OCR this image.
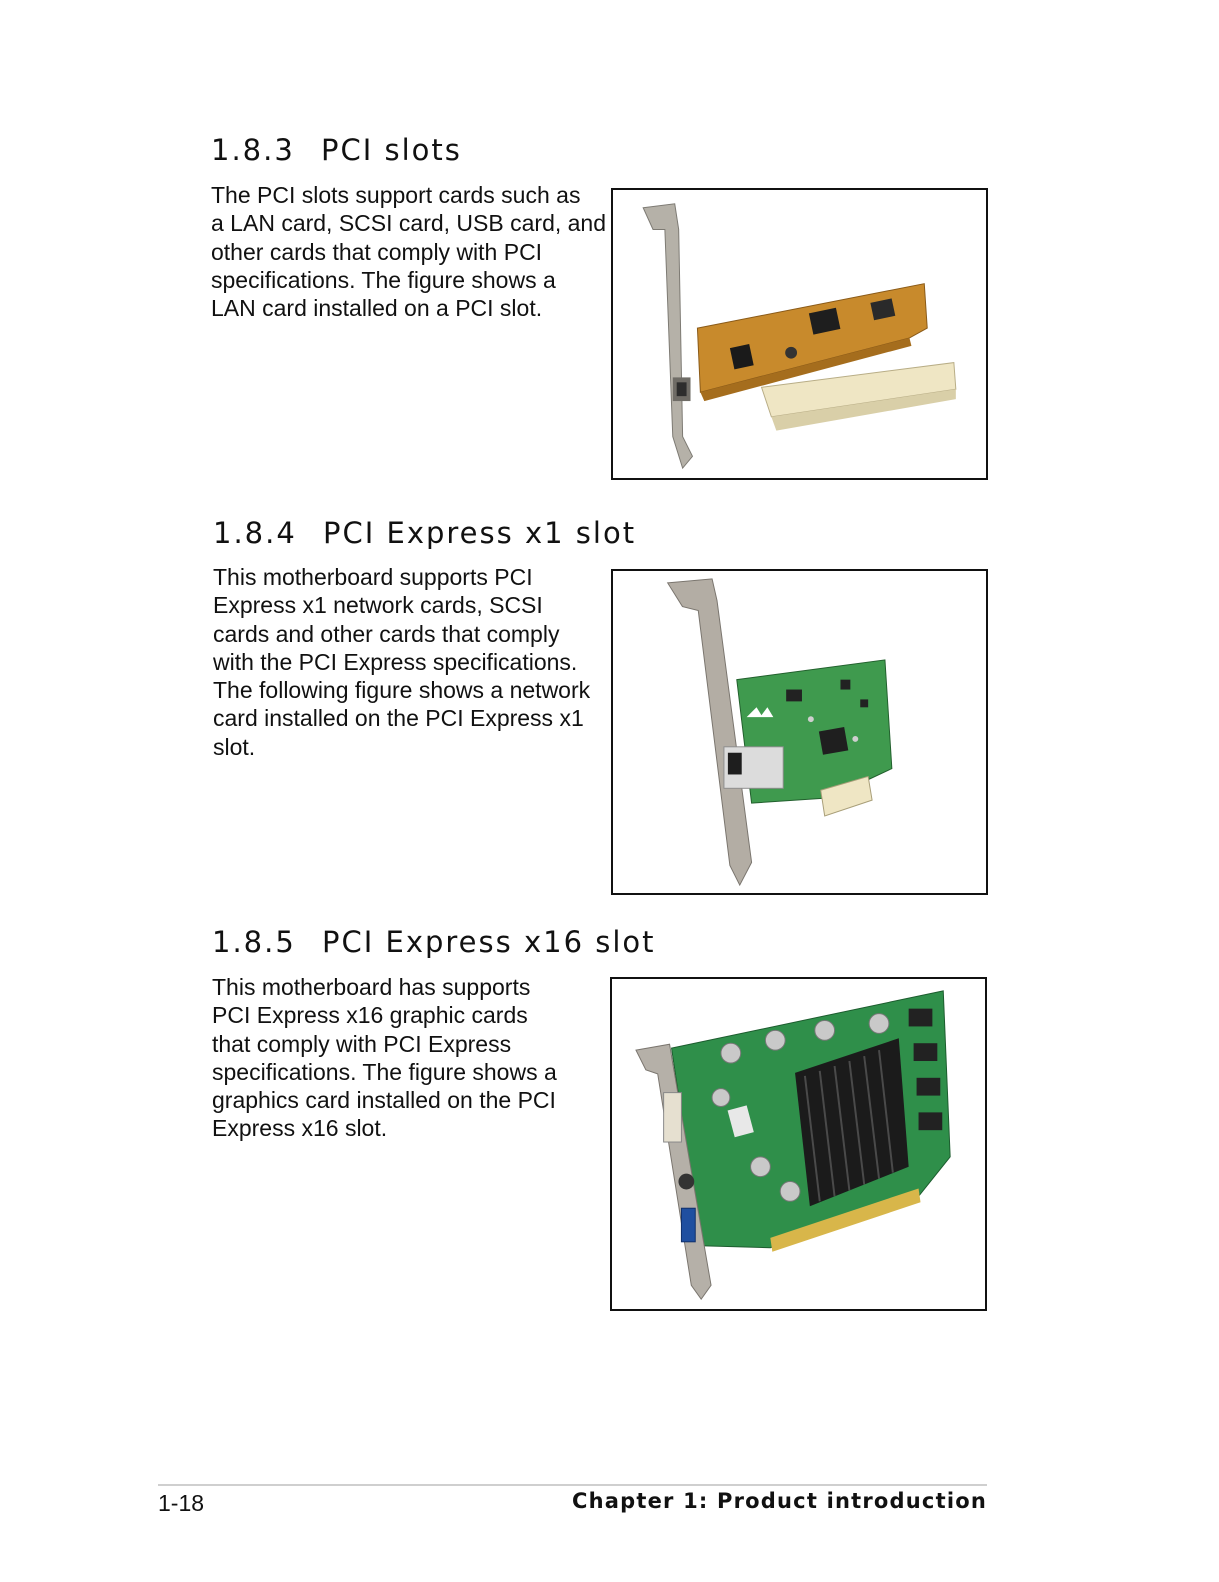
1.8.3 PCI slots
The PCI slots support cards such as
a LAN card, SCSI card, USB card, and
other cards that comply with PCI
specifications. The figure shows a
LAN card installed on a PCI slot.
1.8.4 PCI Express x1 slot
This motherboard supports PCI
Express x1 network cards, SCSI
cards and other cards that comply
with the PCI Express specifications.
The following figure shows a network
card installed on the PCI Express x1
slot.
1.8.5 PCI Express x16 slot
This motherboard has supports
PCI Express x16 graphic cards
that comply with PCI Express
specifications. The figure shows a
graphics card installed on the PCI
Express x16 slot.
1-18	Chapter 1: Product introduction
